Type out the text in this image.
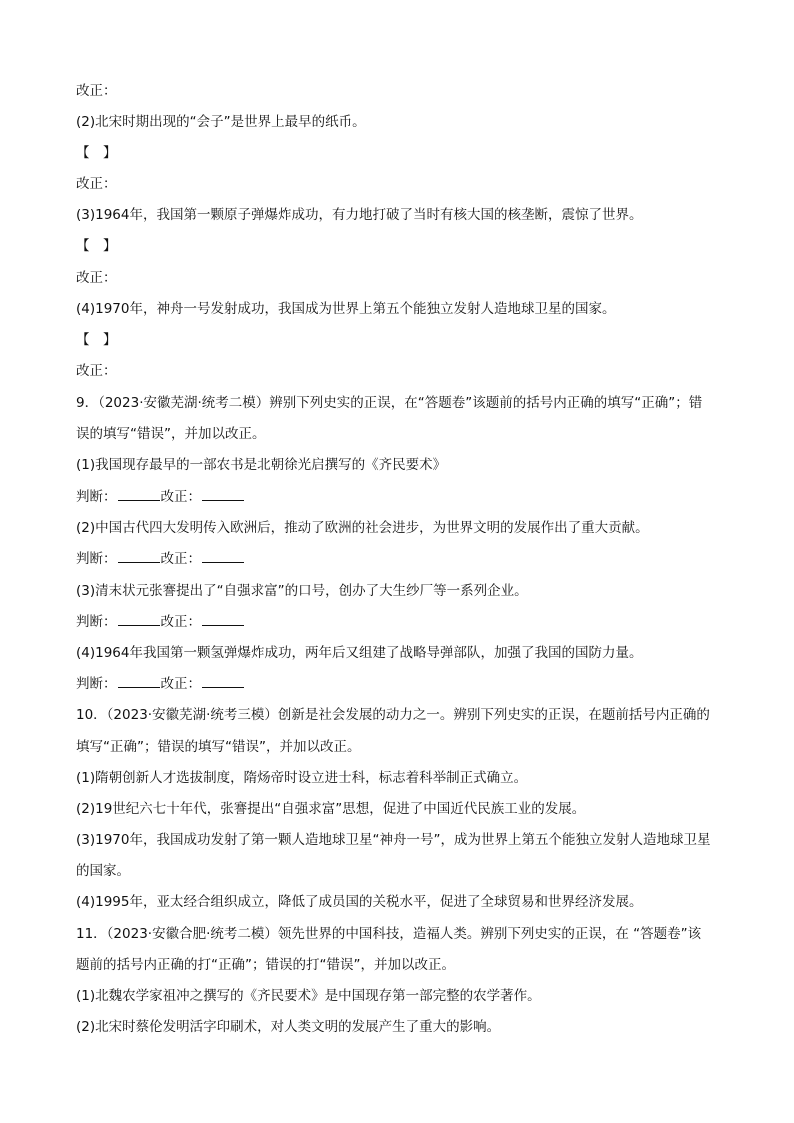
改正：
(2)北宋时期出现的“会子”是世界上最早的纸币。
【　】
改正：
(3)1964年，我国第一颗原子弹爆炸成功，有力地打破了当时有核大国的核垄断，震惊了世界。
【　】
改正：
(4)1970年，神舟一号发射成功，我国成为世界上第五个能独立发射人造地球卫星的国家。
【　】
改正：
9．（2023·安徽芜湖·统考二模）辨别下列史实的正误，在“答题卷”该题前的括号内正确的填写“正确”；错
误的填写“错误”，并加以改正。
(1)我国现存最早的一部农书是北朝徐光启撰写的《齐民要术》
判断：	改正：
(2)中国古代四大发明传入欧洲后，推动了欧洲的社会进步，为世界文明的发展作出了重大贡献。
判断：	改正：
(3)清末状元张謇提出了“自强求富”的口号，创办了大生纱厂等一系列企业。
判断：	改正：
(4)1964年我国第一颗氢弹爆炸成功，两年后又组建了战略导弹部队，加强了我国的国防力量。
判断：	改正：
10．（2023·安徽芜湖·统考三模）创新是社会发展的动力之一。辨别下列史实的正误，在题前括号内正确的
填写“正确”；错误的填写“错误”，并加以改正。
(1)隋朝创新人才选拔制度，隋炀帝时设立进士科，标志着科举制正式确立。
(2)19世纪六七十年代，张謇提出“自强求富”思想，促进了中国近代民族工业的发展。
(3)1970年，我国成功发射了第一颗人造地球卫星“神舟一号”，成为世界上第五个能独立发射人造地球卫星
的国家。
(4)1995年，亚太经合组织成立，降低了成员国的关税水平，促进了全球贸易和世界经济发展。
11．（2023·安徽合肥·统考二模）领先世界的中国科技，造福人类。辨别下列史实的正误，在 “答题卷”该
题前的括号内正确的打“正确”；错误的打“错误”，并加以改正。
(1)北魏农学家祖冲之撰写的《齐民要术》是中国现存第一部完整的农学著作。
(2)北宋时蔡伦发明活字印刷术，对人类文明的发展产生了重大的影响。
